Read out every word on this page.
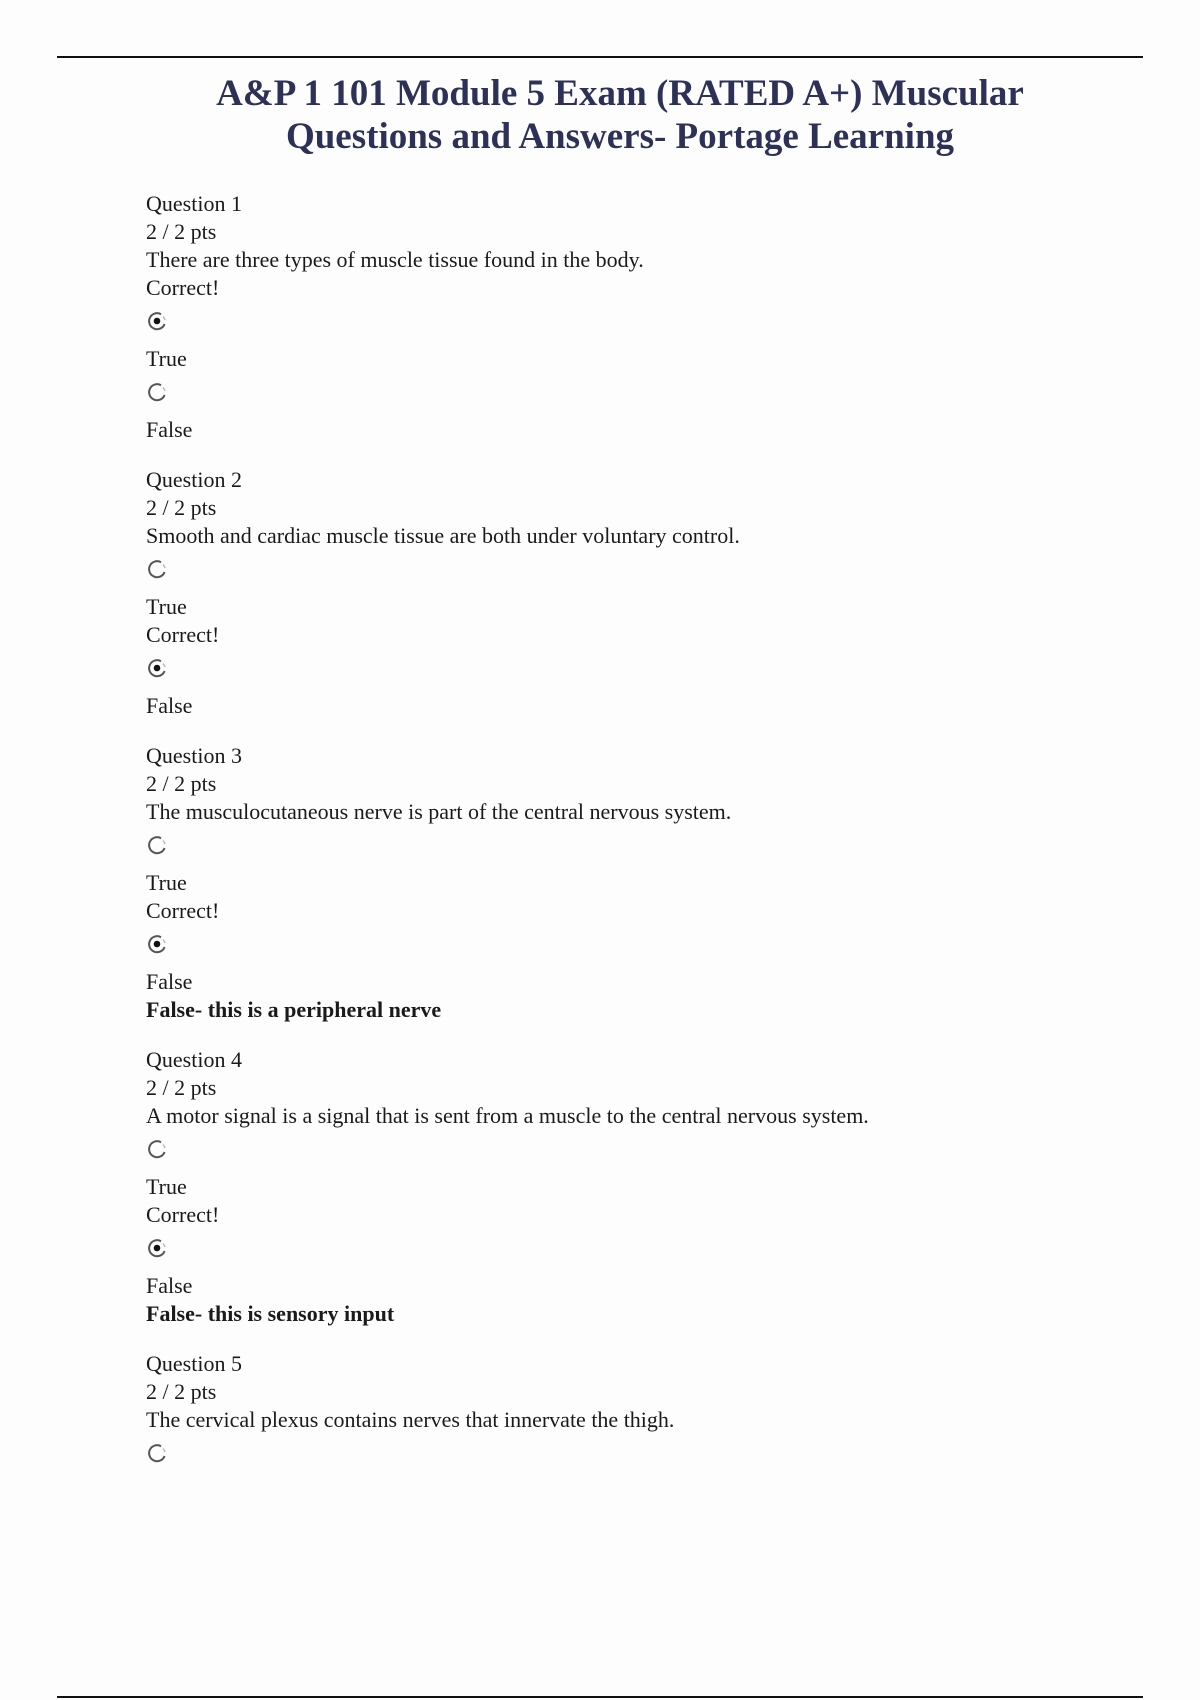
A&P 1 101 Module 5 Exam (RATED A+) Muscular
Questions and Answers- Portage Learning
Question 1
2 / 2 pts
There are three types of muscle tissue found in the body.
Correct!
True
False
Question 2
2 / 2 pts
Smooth and cardiac muscle tissue are both under voluntary control.
True
Correct!
False
Question 3
2 / 2 pts
The musculocutaneous nerve is part of the central nervous system.
True
Correct!
False
False- this is a peripheral nerve
Question 4
2 / 2 pts
A motor signal is a signal that is sent from a muscle to the central nervous system.
True
Correct!
False
False- this is sensory input
Question 5
2 / 2 pts
The cervical plexus contains nerves that innervate the thigh.
